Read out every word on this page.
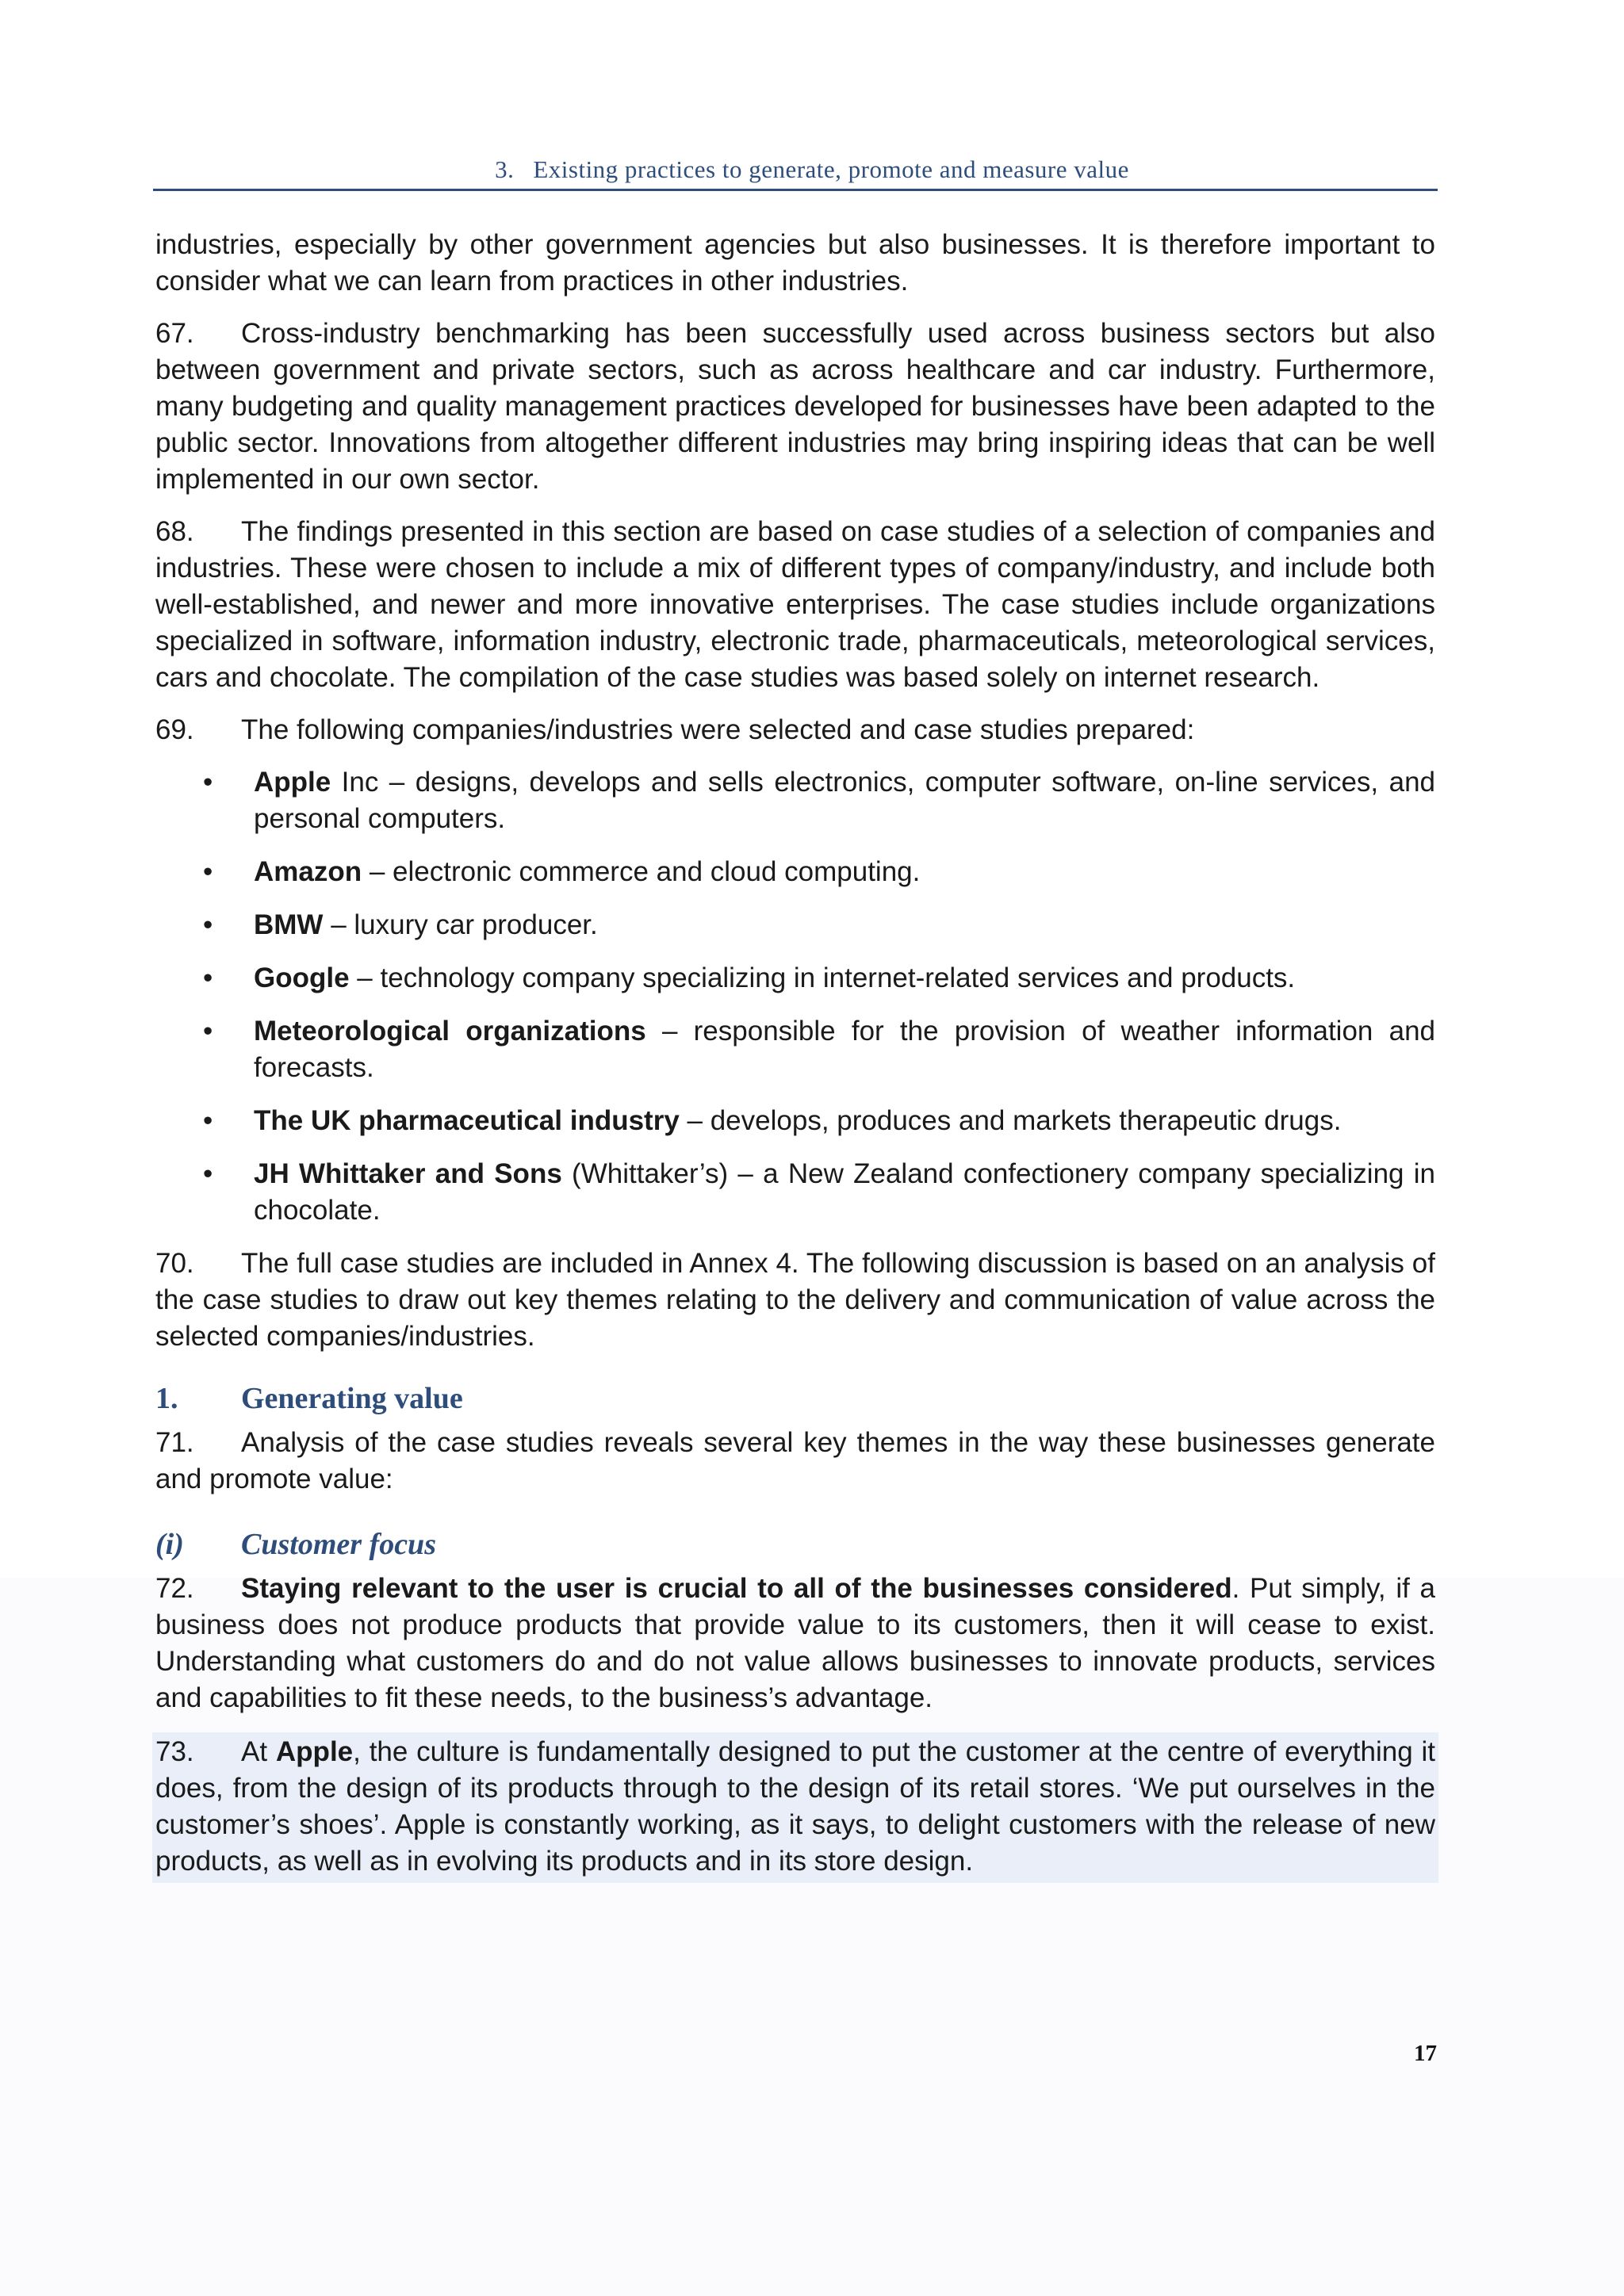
3. Existing practices to generate, promote and measure value

industries, especially by other government agencies but also businesses. It is therefore important to consider what we can learn from practices in other industries.

67. Cross-industry benchmarking has been successfully used across business sectors but also between government and private sectors, such as across healthcare and car industry. Furthermore, many budgeting and quality management practices developed for businesses have been adapted to the public sector. Innovations from altogether different industries may bring inspiring ideas that can be well implemented in our own sector.

68. The findings presented in this section are based on case studies of a selection of companies and industries. These were chosen to include a mix of different types of company/industry, and include both well-established, and newer and more innovative enterprises. The case studies include organizations specialized in software, information industry, electronic trade, pharmaceuticals, meteorological services, cars and chocolate. The compilation of the case studies was based solely on internet research.

69. The following companies/industries were selected and case studies prepared:

• Apple Inc – designs, develops and sells electronics, computer software, on-line services, and personal computers.
• Amazon – electronic commerce and cloud computing.
• BMW – luxury car producer.
• Google – technology company specializing in internet-related services and products.
• Meteorological organizations – responsible for the provision of weather information and forecasts.
• The UK pharmaceutical industry – develops, produces and markets therapeutic drugs.
• JH Whittaker and Sons (Whittaker’s) – a New Zealand confectionery company specializing in chocolate.

70. The full case studies are included in Annex 4. The following discussion is based on an analysis of the case studies to draw out key themes relating to the delivery and communication of value across the selected companies/industries.

1. Generating value

71. Analysis of the case studies reveals several key themes in the way these businesses generate and promote value:

(i) Customer focus

72. Staying relevant to the user is crucial to all of the businesses considered. Put simply, if a business does not produce products that provide value to its customers, then it will cease to exist. Understanding what customers do and do not value allows businesses to innovate products, services and capabilities to fit these needs, to the business’s advantage.

73. At Apple, the culture is fundamentally designed to put the customer at the centre of everything it does, from the design of its products through to the design of its retail stores. ‘We put ourselves in the customer’s shoes’. Apple is constantly working, as it says, to delight customers with the release of new products, as well as in evolving its products and in its store design.

17
